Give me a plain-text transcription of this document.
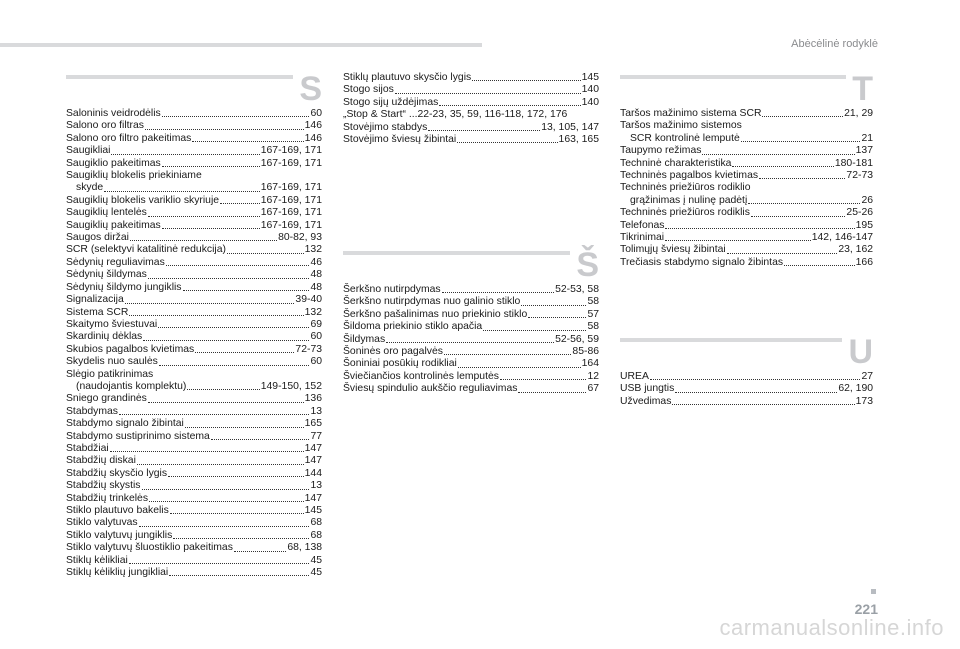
Abėcėlinė rodyklė
S
Saloninis veidrodėlis	60
Salono oro filtras	146
Salono oro filtro pakeitimas	146
Saugikliai	167-169, 171
Saugiklio pakeitimas	167-169, 171
Saugiklių blokelis priekiniame
skyde	167-169, 171
Saugiklių blokelis variklio skyriuje	167-169, 171
Saugiklių lentelės	167-169, 171
Saugiklių pakeitimas	167-169, 171
Saugos diržai	80-82, 93
SCR (selektyvi katalitinė redukcija)	132
Sėdynių reguliavimas	46
Sėdynių šildymas	48
Sėdynių šildymo jungiklis	48
Signalizacija	39-40
Sistema SCR	132
Skaitymo šviestuvai	69
Skardinių dėklas	60
Skubios pagalbos kvietimas	72-73
Skydelis nuo saulės	60
Slėgio patikrinimas
(naudojantis komplektu)	149-150, 152
Sniego grandinės	136
Stabdymas	13
Stabdymo signalo žibintai	165
Stabdymo sustiprinimo sistema	77
Stabdžiai	147
Stabdžių diskai	147
Stabdžių skysčio lygis	144
Stabdžių skystis	13
Stabdžių trinkelės	147
Stiklo plautuvo bakelis	145
Stiklo valytuvas	68
Stiklo valytuvų jungiklis	68
Stiklo valytuvų šluostiklio pakeitimas	68, 138
Stiklų kėlikliai	45
Stiklų kėliklių jungikliai	45
Stiklų plautuvo skysčio lygis	145
Stogo sijos	140
Stogo sijų uždėjimas	140
„Stop & Start“ ...22-23, 35, 59, 116-118, 172, 176
Stovėjimo stabdys	13, 105, 147
Stovėjimo šviesų žibintai	163, 165
Š
Šerkšno nutirpdymas	52-53, 58
Šerkšno nutirpdymas nuo galinio stiklo	58
Šerkšno pašalinimas nuo priekinio stiklo	57
Šildoma priekinio stiklo apačia	58
Šildymas	52-56, 59
Šoninės oro pagalvės	85-86
Šoniniai posūkių rodikliai	164
Šviečiančios kontrolinės lemputės	12
Šviesų spindulio aukščio reguliavimas	67
T
Taršos mažinimo sistema SCR	21, 29
Taršos mažinimo sistemos
SCR kontrolinė lemputė	21
Taupymo režimas	137
Techninė charakteristika	180-181
Techninės pagalbos kvietimas	72-73
Techninės priežiūros rodiklio
grąžinimas į nulinę padėtį	26
Techninės priežiūros rodiklis	25-26
Telefonas	195
Tikrinimai	142, 146-147
Tolimųjų šviesų žibintai	23, 162
Trečiasis stabdymo signalo žibintas	166
U
UREA	27
USB jungtis	62, 190
Užvedimas	173
221
carmanualsonline.info
